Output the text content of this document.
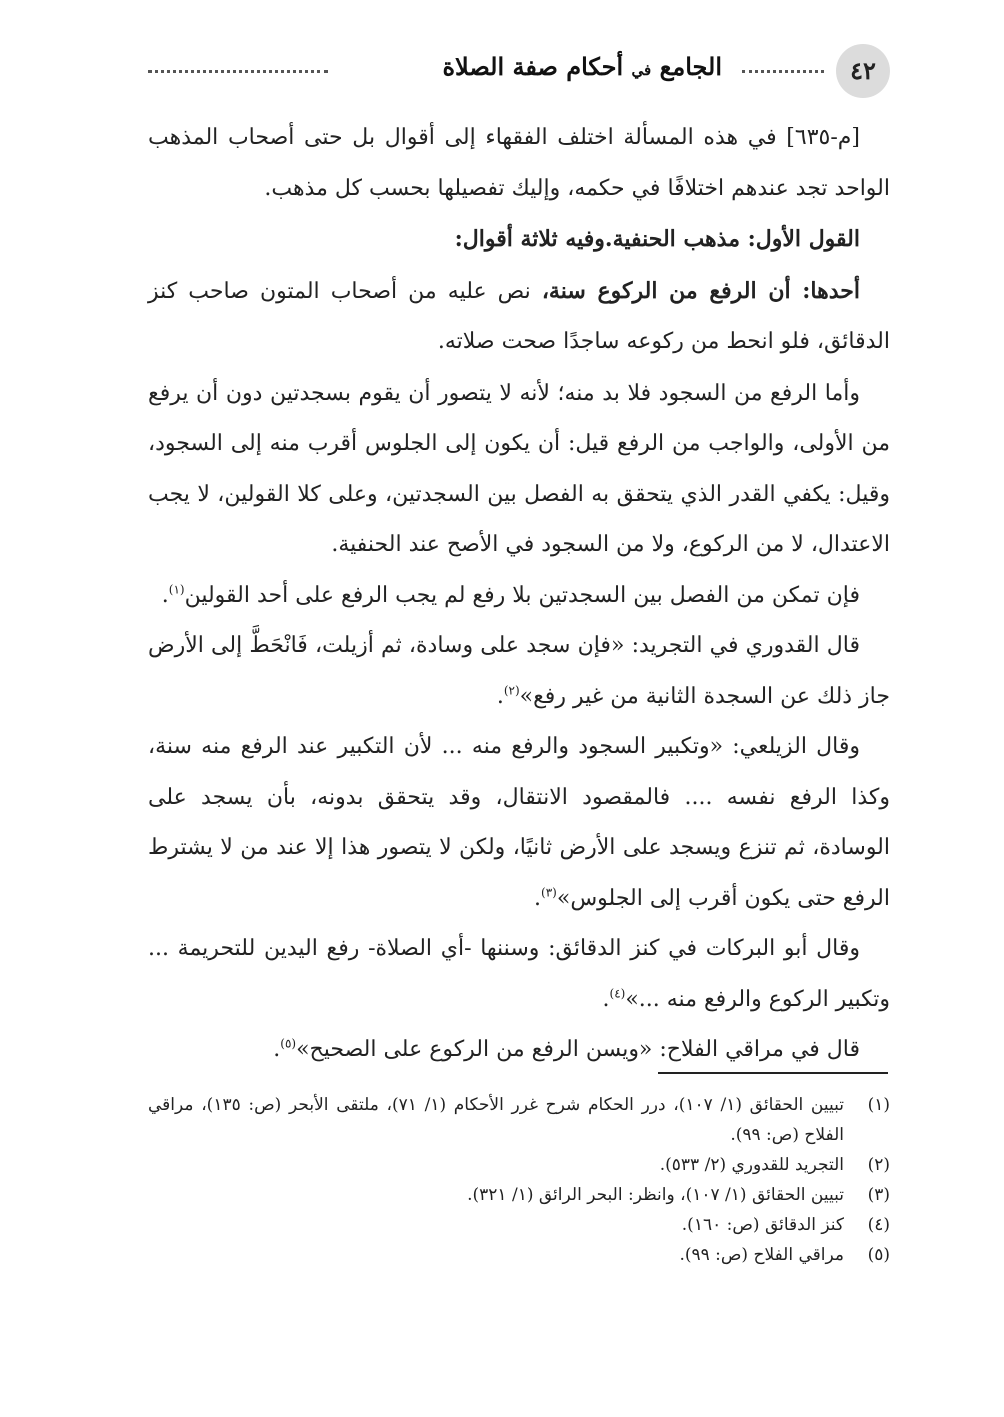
٤٢
الجامع في أحكام صفة الصلاة

[م-٦٣٥] في هذه المسألة اختلف الفقهاء إلى أقوال بل حتى أصحاب المذهب الواحد تجد عندهم اختلافًا في حكمه، وإليك تفصيلها بحسب كل مذهب.

القول الأول: مذهب الحنفية.وفيه ثلاثة أقوال:

أحدها: أن الرفع من الركوع سنة، نص عليه من أصحاب المتون صاحب كنز الدقائق، فلو انحط من ركوعه ساجدًا صحت صلاته.

وأما الرفع من السجود فلا بد منه؛ لأنه لا يتصور أن يقوم بسجدتين دون أن يرفع من الأولى، والواجب من الرفع قيل: أن يكون إلى الجلوس أقرب منه إلى السجود، وقيل: يكفي القدر الذي يتحقق به الفصل بين السجدتين، وعلى كلا القولين، لا يجب الاعتدال، لا من الركوع، ولا من السجود في الأصح عند الحنفية.

فإن تمكن من الفصل بين السجدتين بلا رفع لم يجب الرفع على أحد القولين$^{(١)}$.

قال القدوري في التجريد: «فإن سجد على وسادة، ثم أزيلت، فَانْحَطَّ إلى الأرض جاز ذلك عن السجدة الثانية من غير رفع»$^{(٢)}$.

وقال الزيلعي: «وتكبير السجود والرفع منه ... لأن التكبير عند الرفع منه سنة، وكذا الرفع نفسه .... فالمقصود الانتقال، وقد يتحقق بدونه، بأن يسجد على الوسادة، ثم تنزع ويسجد على الأرض ثانيًا، ولكن لا يتصور هذا إلا عند من لا يشترط الرفع حتى يكون أقرب إلى الجلوس»$^{(٣)}$.

وقال أبو البركات في كنز الدقائق: وسننها -أي الصلاة- رفع اليدين للتحريمة ... وتكبير الركوع والرفع منه ...»$^{(٤)}$.

قال في مراقي الفلاح: «ويسن الرفع من الركوع على الصحيح»$^{(٥)}$.

(١)
تبيين الحقائق (١/ ١٠٧)، درر الحكام شرح غرر الأحكام (١/ ٧١)، ملتقى الأبحر (ص: ١٣٥)، مراقي الفلاح (ص: ٩٩).
(٢)
التجريد للقدوري (٢/ ٥٣٣).
(٣)
تبيين الحقائق (١/ ١٠٧)، وانظر: البحر الرائق (١/ ٣٢١).
(٤)
كنز الدقائق (ص: ١٦٠).
(٥)
مراقي الفلاح (ص: ٩٩).
